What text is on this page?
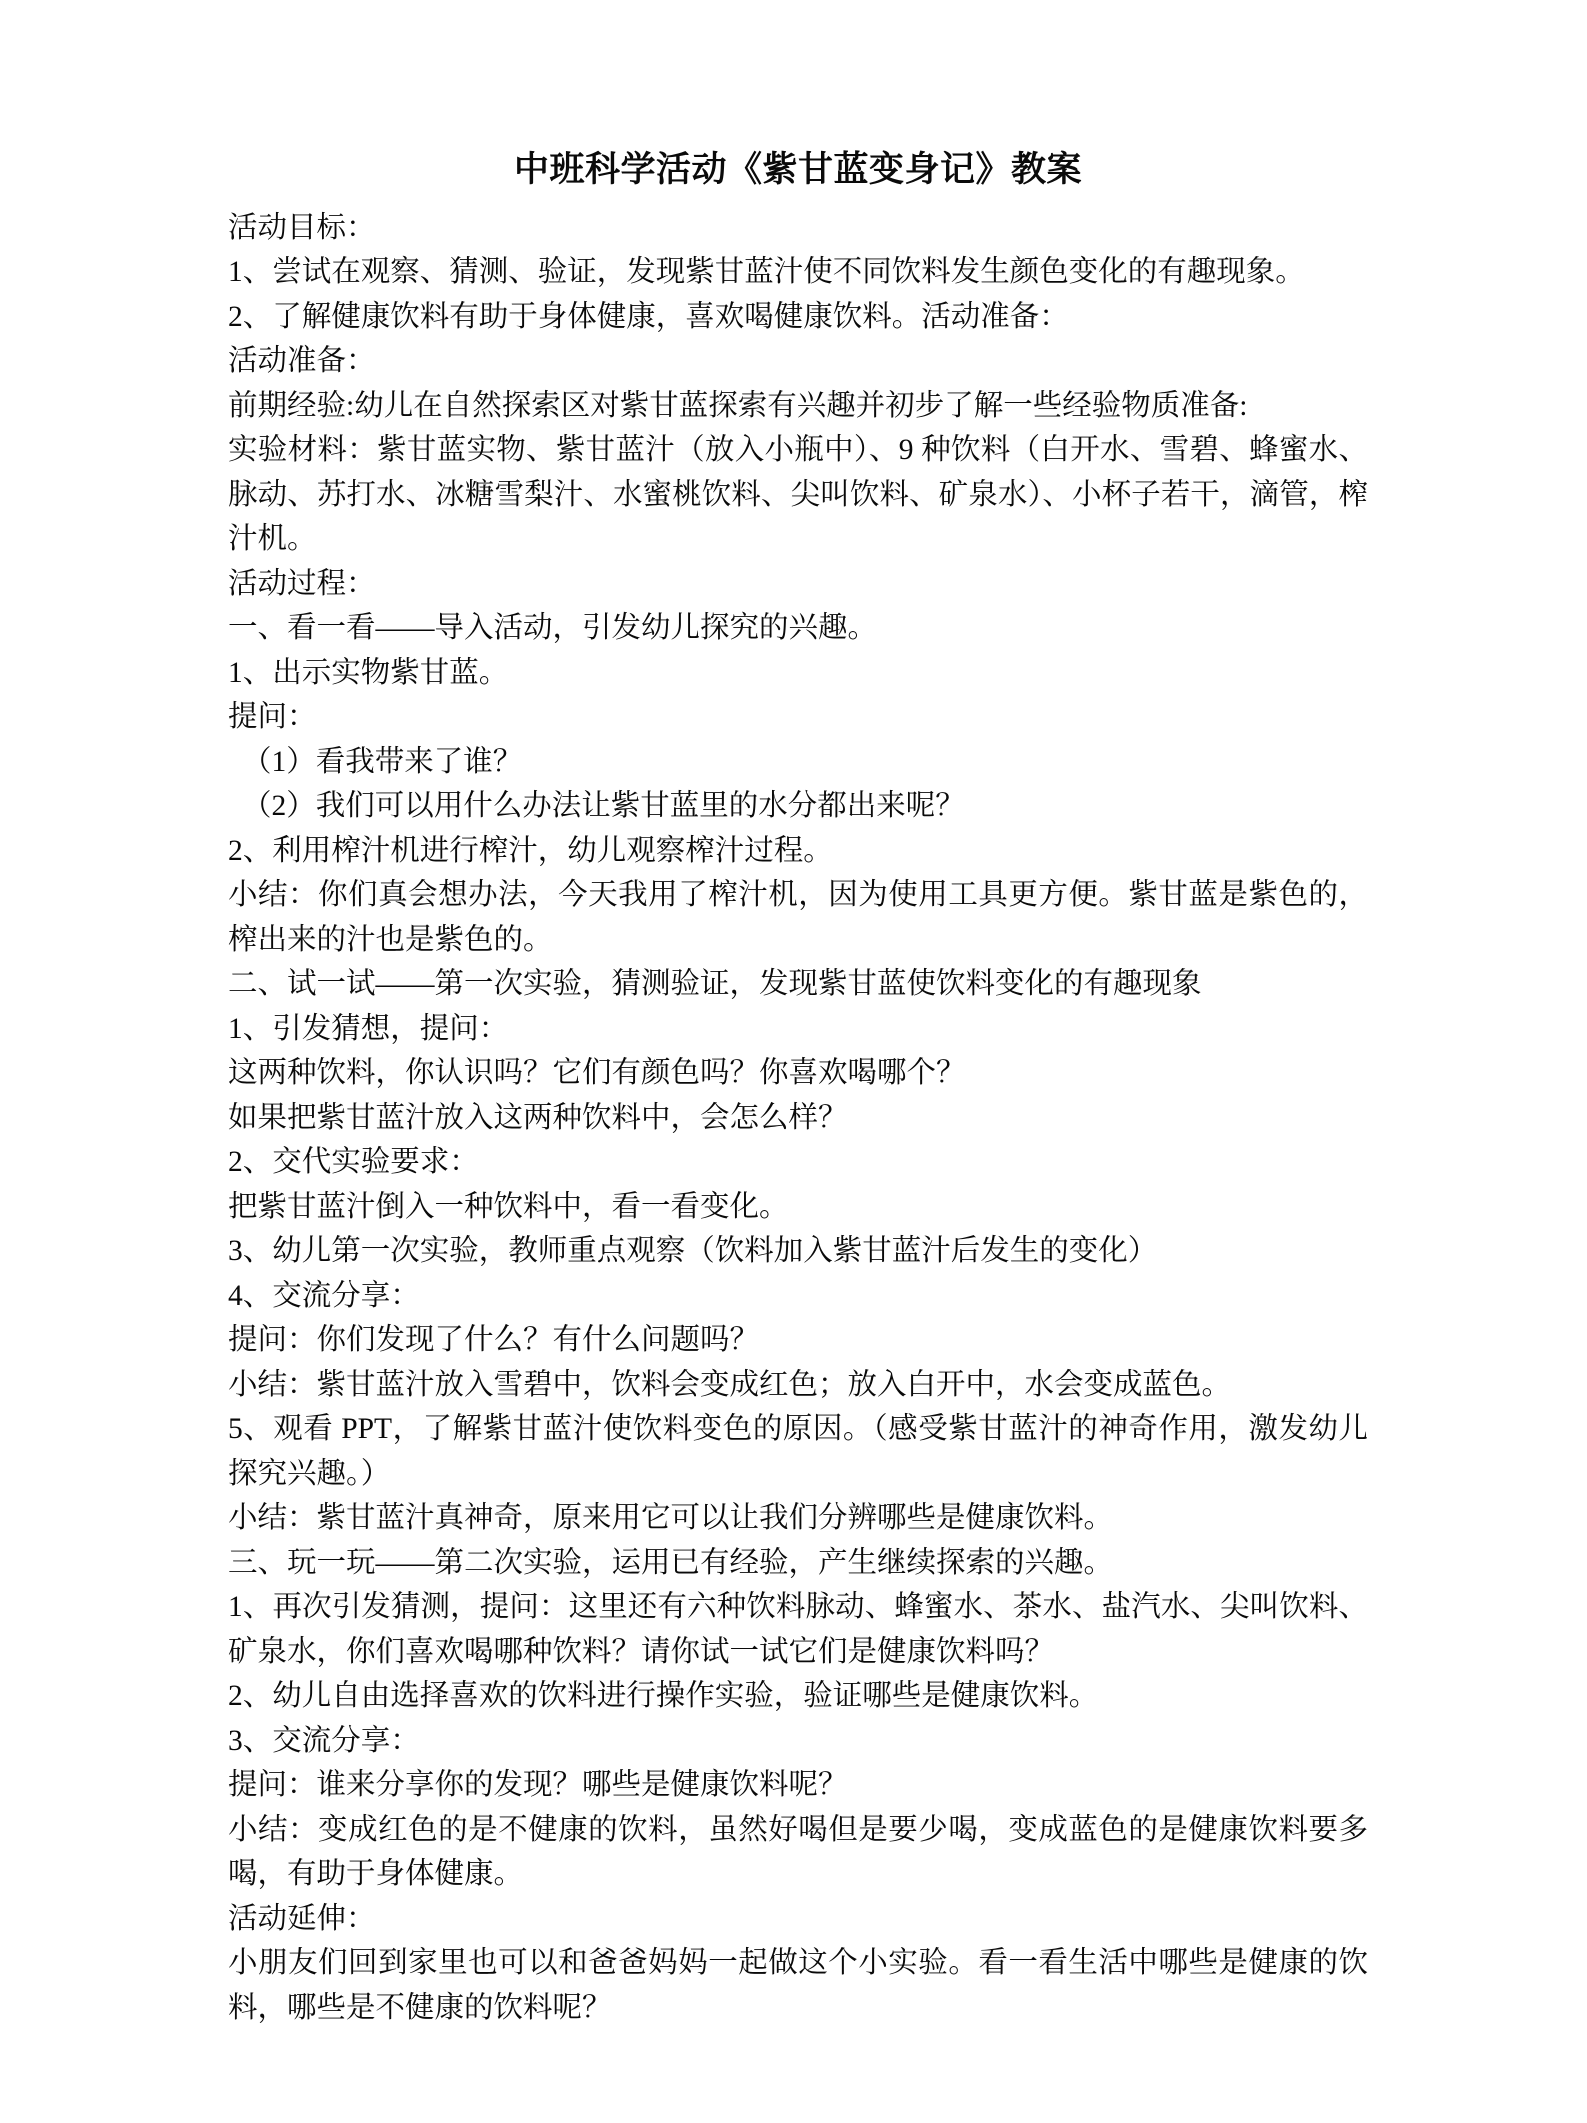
中班科学活动《紫甘蓝变身记》教案

活动目标：

1、尝试在观察、猜测、验证，发现紫甘蓝汁使不同饮料发生颜色变化的有趣现象。

2、了解健康饮料有助于身体健康，喜欢喝健康饮料。活动准备：

活动准备：

前期经验:幼儿在自然探索区对紫甘蓝探索有兴趣并初步了解一些经验物质准备:

实验材料：紫甘蓝实物、紫甘蓝汁（放入小瓶中）、9 种饮料（白开水、雪碧、蜂蜜水、脉动、苏打水、冰糖雪梨汁、水蜜桃饮料、尖叫饮料、矿泉水）、小杯子若干，滴管，榨汁机。

活动过程：

一、看一看——导入活动，引发幼儿探究的兴趣。

1、出示实物紫甘蓝。

提问：

（1）看我带来了谁？

（2）我们可以用什么办法让紫甘蓝里的水分都出来呢？

2、利用榨汁机进行榨汁，幼儿观察榨汁过程。

小结：你们真会想办法，今天我用了榨汁机，因为使用工具更方便。紫甘蓝是紫色的，榨出来的汁也是紫色的。

二、试一试——第一次实验，猜测验证，发现紫甘蓝使饮料变化的有趣现象

1、引发猜想，提问：

这两种饮料，你认识吗？它们有颜色吗？你喜欢喝哪个？

如果把紫甘蓝汁放入这两种饮料中，会怎么样？

2、交代实验要求：

把紫甘蓝汁倒入一种饮料中，看一看变化。

3、幼儿第一次实验，教师重点观察（饮料加入紫甘蓝汁后发生的变化）

4、交流分享：

提问：你们发现了什么？有什么问题吗？

小结：紫甘蓝汁放入雪碧中，饮料会变成红色；放入白开中，水会变成蓝色。

5、观看 PPT，了解紫甘蓝汁使饮料变色的原因。（感受紫甘蓝汁的神奇作用，激发幼儿探究兴趣。）

小结：紫甘蓝汁真神奇，原来用它可以让我们分辨哪些是健康饮料。

三、玩一玩——第二次实验，运用已有经验，产生继续探索的兴趣。

1、再次引发猜测，提问：这里还有六种饮料脉动、蜂蜜水、茶水、盐汽水、尖叫饮料、矿泉水，你们喜欢喝哪种饮料？请你试一试它们是健康饮料吗？

2、幼儿自由选择喜欢的饮料进行操作实验，验证哪些是健康饮料。

3、交流分享：

提问：谁来分享你的发现？哪些是健康饮料呢？

小结：变成红色的是不健康的饮料，虽然好喝但是要少喝，变成蓝色的是健康饮料要多喝，有助于身体健康。

活动延伸：

小朋友们回到家里也可以和爸爸妈妈一起做这个小实验。看一看生活中哪些是健康的饮料，哪些是不健康的饮料呢？
